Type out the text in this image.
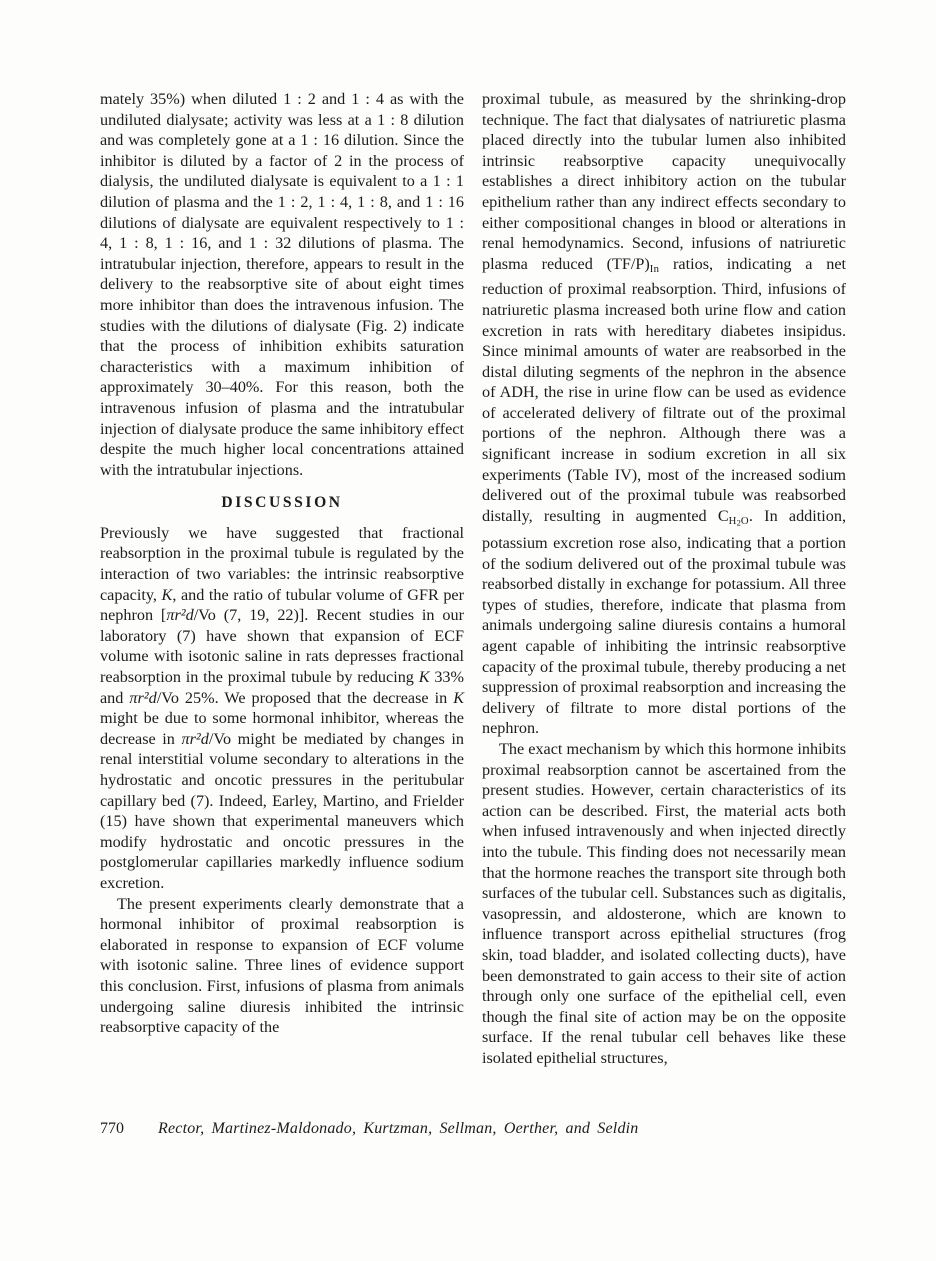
mately 35%) when diluted 1 : 2 and 1 : 4 as with the undiluted dialysate; activity was less at a 1 : 8 dilution and was completely gone at a 1 : 16 dilution. Since the inhibitor is diluted by a factor of 2 in the process of dialysis, the undiluted dialysate is equivalent to a 1 : 1 dilution of plasma and the 1 : 2, 1 : 4, 1 : 8, and 1 : 16 dilutions of dialysate are equivalent respectively to 1 : 4, 1 : 8, 1 : 16, and 1 : 32 dilutions of plasma. The intratubular injection, therefore, appears to result in the delivery to the reabsorptive site of about eight times more inhibitor than does the intravenous infusion. The studies with the dilutions of dialysate (Fig. 2) indicate that the process of inhibition exhibits saturation characteristics with a maximum inhibition of approximately 30–40%. For this reason, both the intravenous infusion of plasma and the intratubular injection of dialysate produce the same inhibitory effect despite the much higher local concentrations attained with the intratubular injections.

DISCUSSION

Previously we have suggested that fractional reabsorption in the proximal tubule is regulated by the interaction of two variables: the intrinsic reabsorptive capacity, K, and the ratio of tubular volume of GFR per nephron [πr²d/Vo (7, 19, 22)]. Recent studies in our laboratory (7) have shown that expansion of ECF volume with isotonic saline in rats depresses fractional reabsorption in the proximal tubule by reducing K 33% and πr²d/Vo 25%. We proposed that the decrease in K might be due to some hormonal inhibitor, whereas the decrease in πr²d/Vo might be mediated by changes in renal interstitial volume secondary to alterations in the hydrostatic and oncotic pressures in the peritubular capillary bed (7). Indeed, Earley, Martino, and Frielder (15) have shown that experimental maneuvers which modify hydrostatic and oncotic pressures in the postglomerular capillaries markedly influence sodium excretion.

The present experiments clearly demonstrate that a hormonal inhibitor of proximal reabsorption is elaborated in response to expansion of ECF volume with isotonic saline. Three lines of evidence support this conclusion. First, infusions of plasma from animals undergoing saline diuresis inhibited the intrinsic reabsorptive capacity of the

proximal tubule, as measured by the shrinking-drop technique. The fact that dialysates of natriuretic plasma placed directly into the tubular lumen also inhibited intrinsic reabsorptive capacity unequivocally establishes a direct inhibitory action on the tubular epithelium rather than any indirect effects secondary to either compositional changes in blood or alterations in renal hemodynamics. Second, infusions of natriuretic plasma reduced (TF/P)In ratios, indicating a net reduction of proximal reabsorption. Third, infusions of natriuretic plasma increased both urine flow and cation excretion in rats with hereditary diabetes insipidus. Since minimal amounts of water are reabsorbed in the distal diluting segments of the nephron in the absence of ADH, the rise in urine flow can be used as evidence of accelerated delivery of filtrate out of the proximal portions of the nephron. Although there was a significant increase in sodium excretion in all six experiments (Table IV), most of the increased sodium delivered out of the proximal tubule was reabsorbed distally, resulting in augmented $CH_2O$. In addition, potassium excretion rose also, indicating that a portion of the sodium delivered out of the proximal tubule was reabsorbed distally in exchange for potassium. All three types of studies, therefore, indicate that plasma from animals undergoing saline diuresis contains a humoral agent capable of inhibiting the intrinsic reabsorptive capacity of the proximal tubule, thereby producing a net suppression of proximal reabsorption and increasing the delivery of filtrate to more distal portions of the nephron.

The exact mechanism by which this hormone inhibits proximal reabsorption cannot be ascertained from the present studies. However, certain characteristics of its action can be described. First, the material acts both when infused intravenously and when injected directly into the tubule. This finding does not necessarily mean that the hormone reaches the transport site through both surfaces of the tubular cell. Substances such as digitalis, vasopressin, and aldosterone, which are known to influence transport across epithelial structures (frog skin, toad bladder, and isolated collecting ducts), have been demonstrated to gain access to their site of action through only one surface of the epithelial cell, even though the final site of action may be on the opposite surface. If the renal tubular cell behaves like these isolated epithelial structures,

770 Rector, Martinez-Maldonado, Kurtzman, Sellman, Oerther, and Seldin
